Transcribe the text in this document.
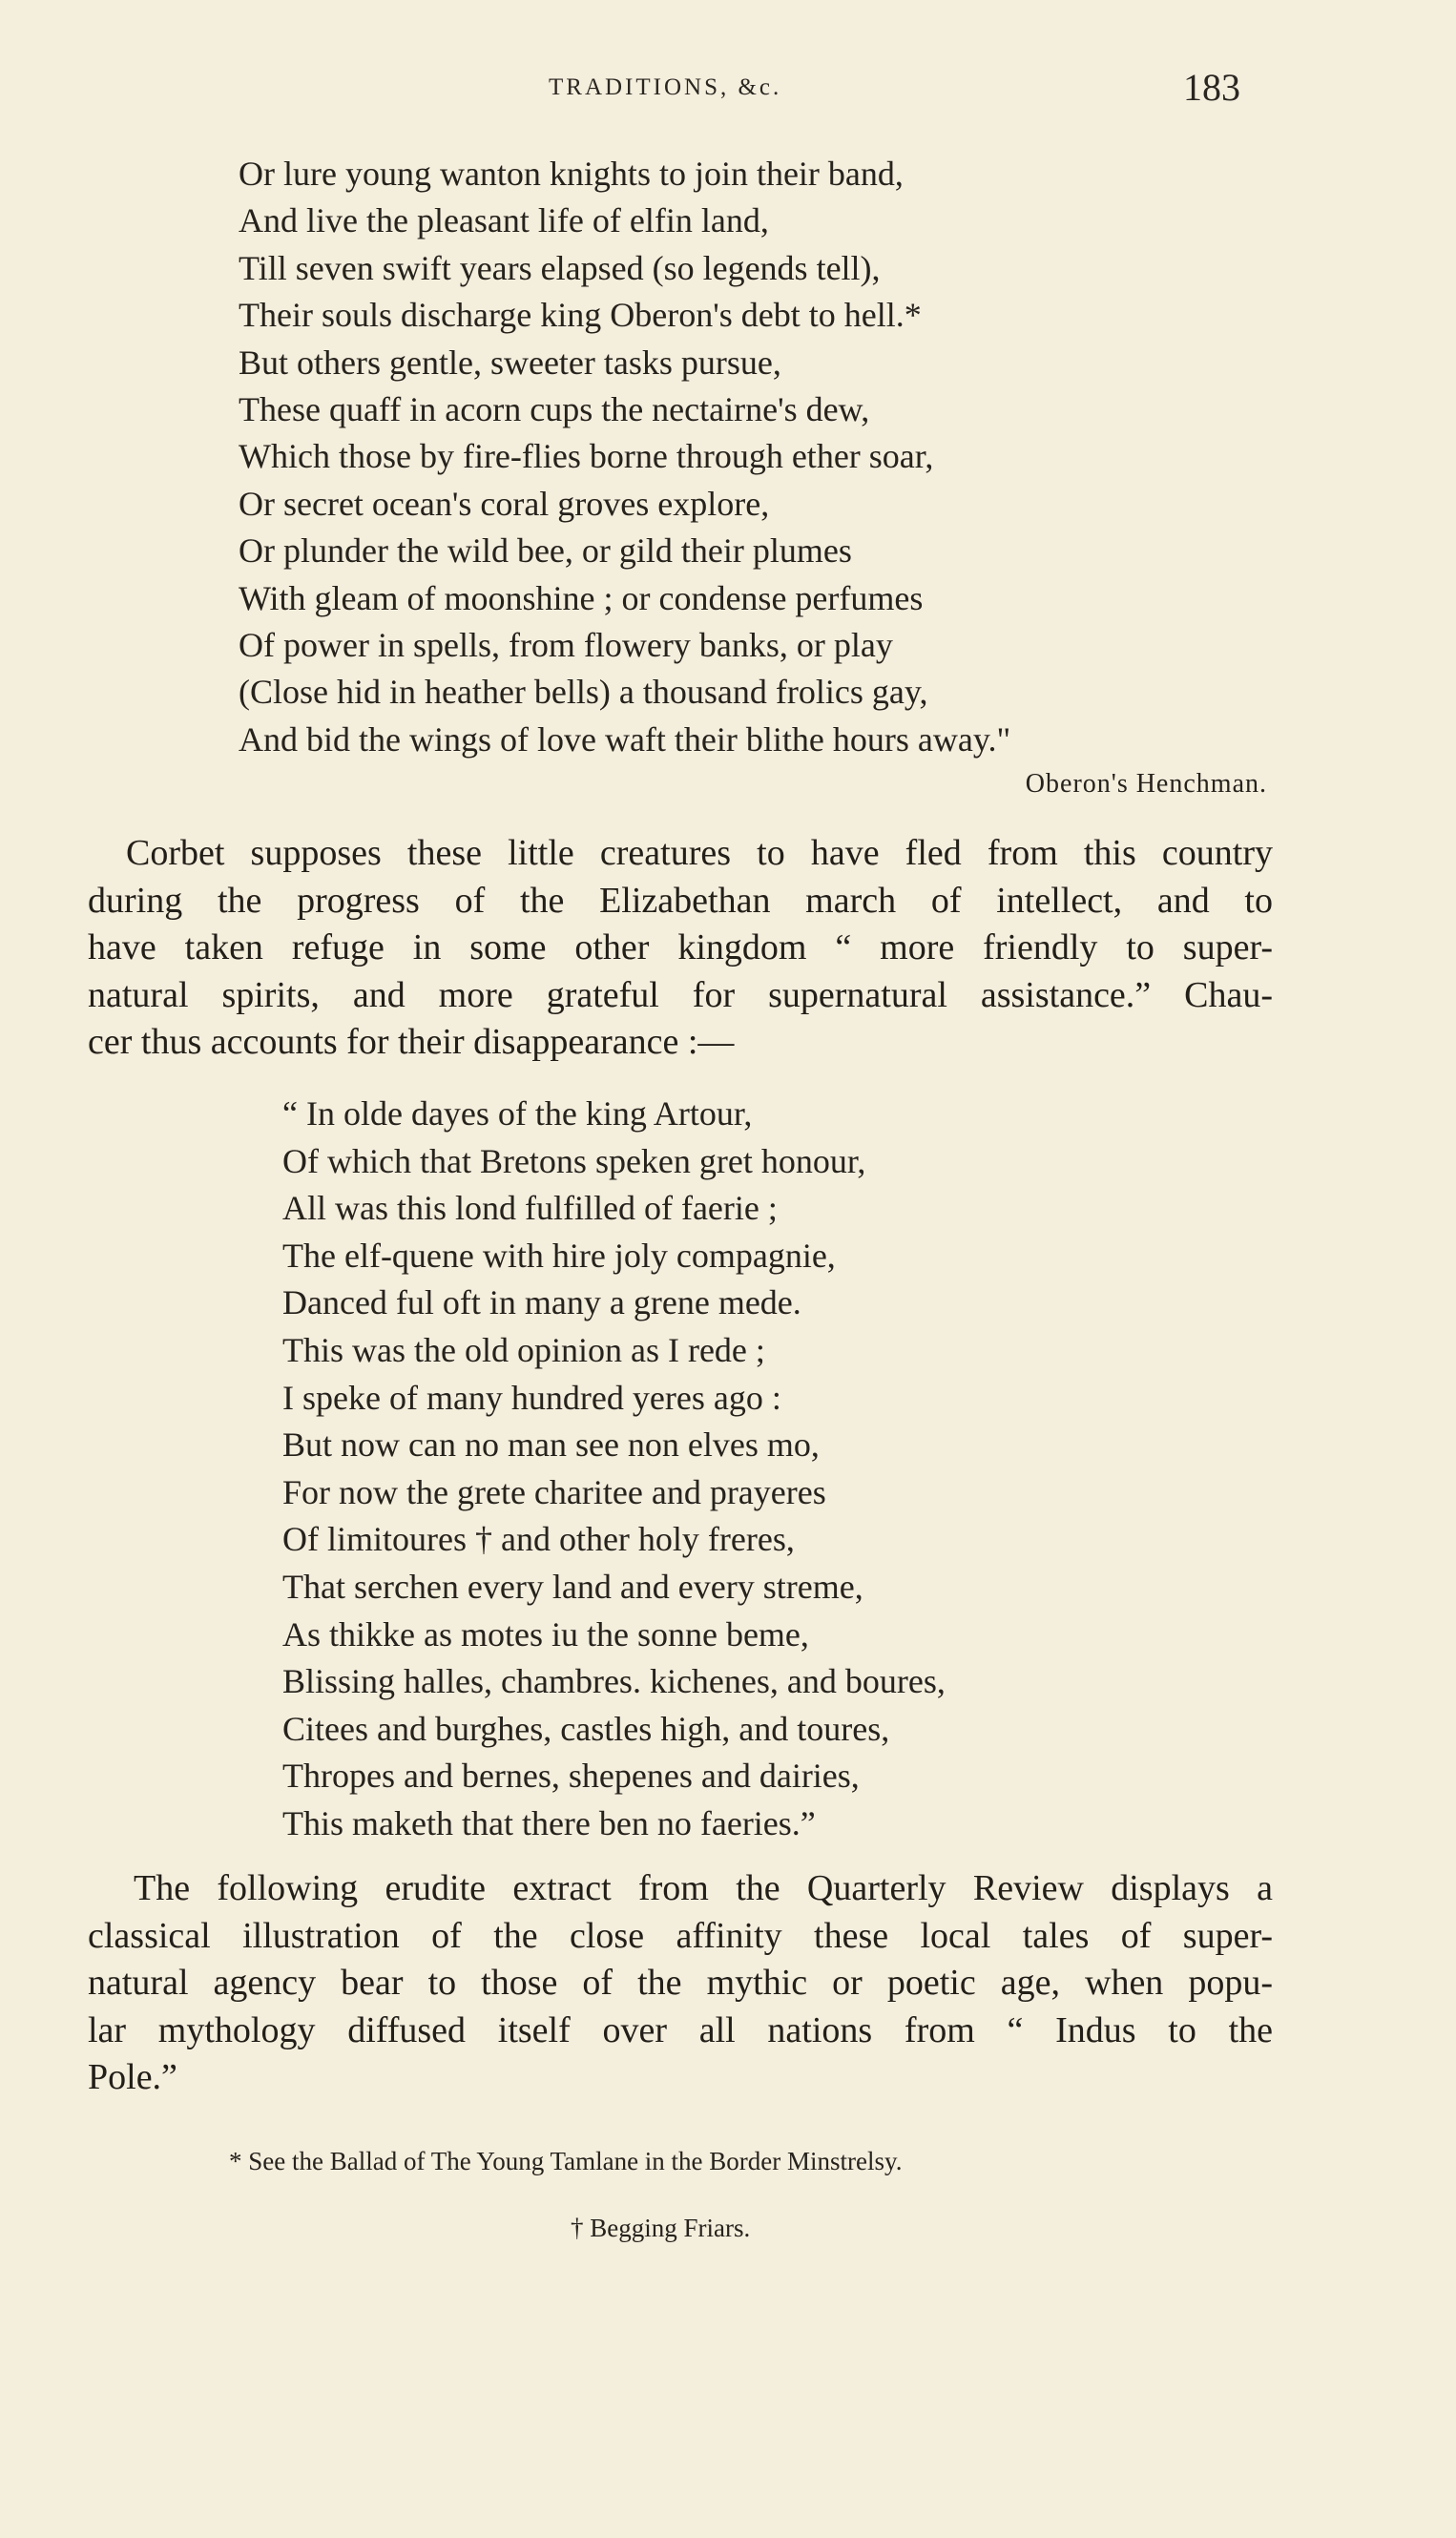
TRADITIONS, &c.	183
Or lure young wanton knights to join their band,
And live the pleasant life of elfin land,
Till seven swift years elapsed (so legends tell),
Their souls discharge king Oberon's debt to hell.*
But others gentle, sweeter tasks pursue,
These quaff in acorn cups the nectairne's dew,
Which those by fire-flies borne through ether soar,
Or secret ocean's coral groves explore,
Or plunder the wild bee, or gild their plumes
With gleam of moonshine ; or condense perfumes
Of power in spells, from flowery banks, or play
(Close hid in heather bells) a thousand frolics gay,
And bid the wings of love waft their blithe hours away."
Oberon's Henchman.
Corbet supposes these little creatures to have fled from this country
during the progress of the Elizabethan march of intellect, and to
have taken refuge in some other kingdom “ more friendly to super-
natural spirits, and more grateful for supernatural assistance.” Chau-
cer thus accounts for their disappearance :—
“ In olde dayes of the king Artour,
Of which that Bretons speken gret honour,
All was this lond fulfilled of faerie ;
The elf-quene with hire joly compagnie,
Danced ful oft in many a grene mede.
This was the old opinion as I rede ;
I speke of many hundred yeres ago :
But now can no man see non elves mo,
For now the grete charitee and prayeres
Of limitoures † and other holy freres,
That serchen every land and every streme,
As thikke as motes iu the sonne beme,
Blissing halles, chambres. kichenes, and boures,
Citees and burghes, castles high, and toures,
Thropes and bernes, shepenes and dairies,
This maketh that there ben no faeries.”
The following erudite extract from the Quarterly Review displays a
classical illustration of the close affinity these local tales of super-
natural agency bear to those of the mythic or poetic age, when popu-
lar mythology diffused itself over all nations from “ Indus to the
Pole.”
* See the Ballad of The Young Tamlane in the Border Minstrelsy.
† Begging Friars.
